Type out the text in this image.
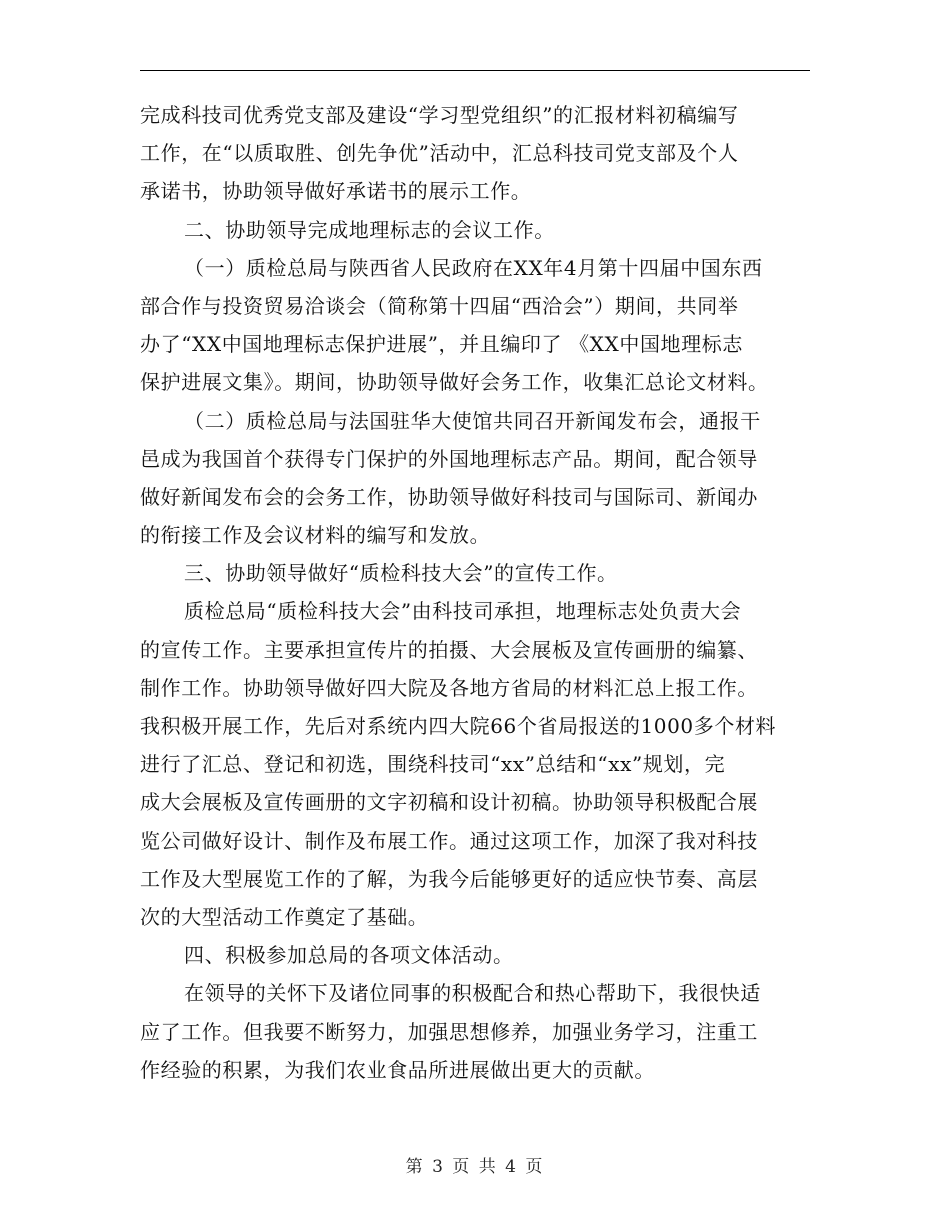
完成科技司优秀党支部及建设“学习型党组织”的汇报材料初稿编写
工作，在“以质取胜、创先争优”活动中，汇总科技司党支部及个人
承诺书，协助领导做好承诺书的展示工作。
二、协助领导完成地理标志的会议工作。
（一）质检总局与陕西省人民政府在XX年4月第十四届中国东西
部合作与投资贸易洽谈会（简称第十四届“西洽会”）期间，共同举
办了“XX中国地理标志保护进展”，并且编印了 《XX中国地理标志
保护进展文集》。期间，协助领导做好会务工作，收集汇总论文材料。
（二）质检总局与法国驻华大使馆共同召开新闻发布会，通报干
邑成为我国首个获得专门保护的外国地理标志产品。期间，配合领导
做好新闻发布会的会务工作，协助领导做好科技司与国际司、新闻办
的衔接工作及会议材料的编写和发放。
三、协助领导做好“质检科技大会”的宣传工作。
质检总局“质检科技大会”由科技司承担，地理标志处负责大会
的宣传工作。主要承担宣传片的拍摄、大会展板及宣传画册的编纂、
制作工作。协助领导做好四大院及各地方省局的材料汇总上报工作。
我积极开展工作，先后对系统内四大院66个省局报送的1000多个材料
进行了汇总、登记和初选，围绕科技司“xx”总结和“xx”规划，完
成大会展板及宣传画册的文字初稿和设计初稿。协助领导积极配合展
览公司做好设计、制作及布展工作。通过这项工作，加深了我对科技
工作及大型展览工作的了解，为我今后能够更好的适应快节奏、高层
次的大型活动工作奠定了基础。
四、积极参加总局的各项文体活动。
在领导的关怀下及诸位同事的积极配合和热心帮助下，我很快适
应了工作。但我要不断努力，加强思想修养，加强业务学习，注重工
作经验的积累，为我们农业食品所进展做出更大的贡献。
第 3 页 共 4 页
